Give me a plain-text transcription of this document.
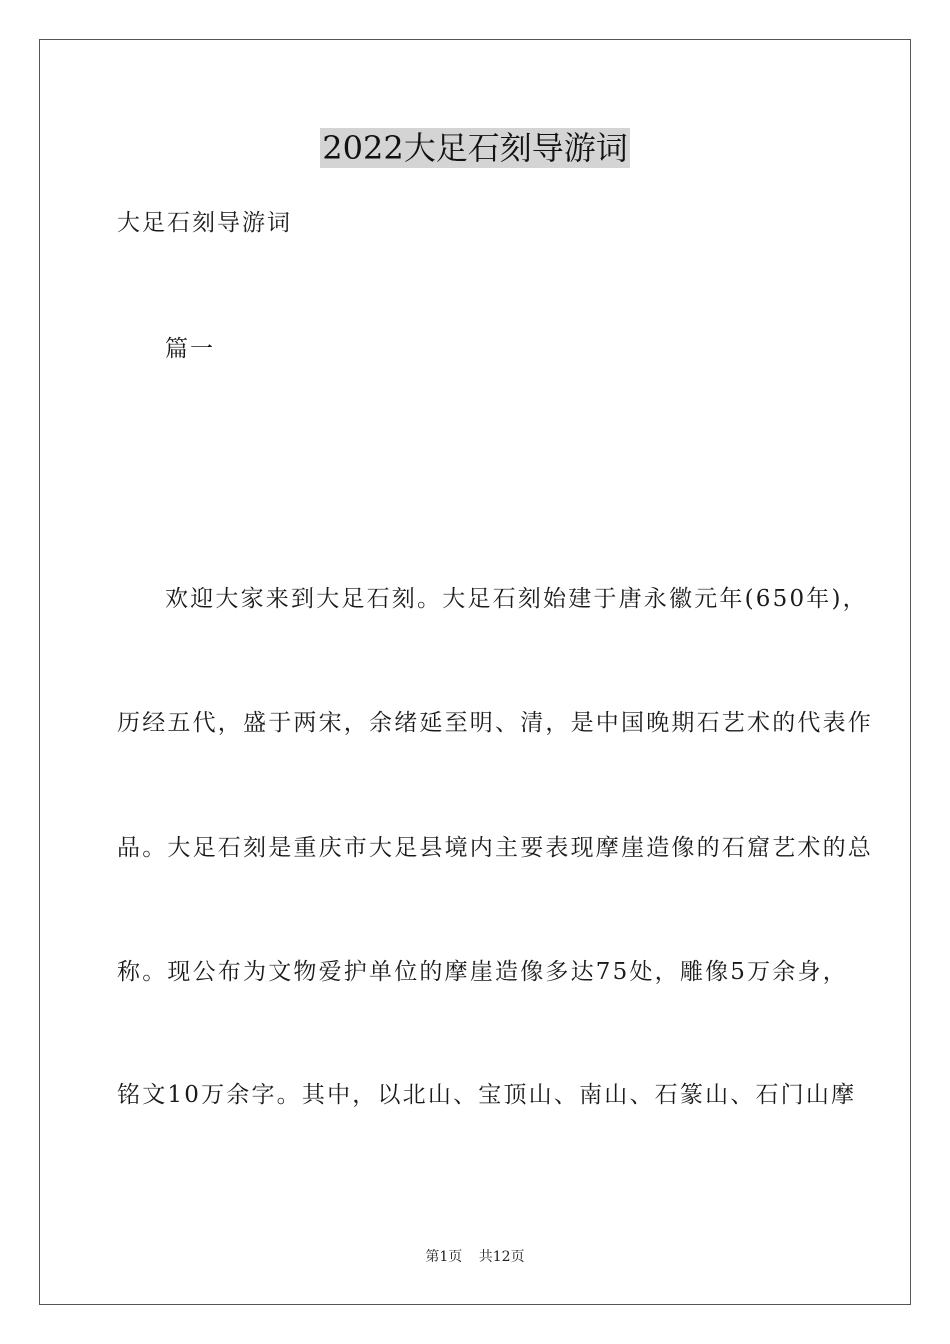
2022大足石刻导游词
大足石刻导游词
篇一
欢迎大家来到大足石刻。大足石刻始建于唐永徽元年(650年)，
历经五代，盛于两宋，余绪延至明、清，是中国晚期石艺术的代表作
品。大足石刻是重庆市大足县境内主要表现摩崖造像的石窟艺术的总
称。现公布为文物爱护单位的摩崖造像多达75处，雕像5万余身，
铭文10万余字。其中，以北山、宝顶山、南山、石篆山、石门山摩
第1页 共12页
